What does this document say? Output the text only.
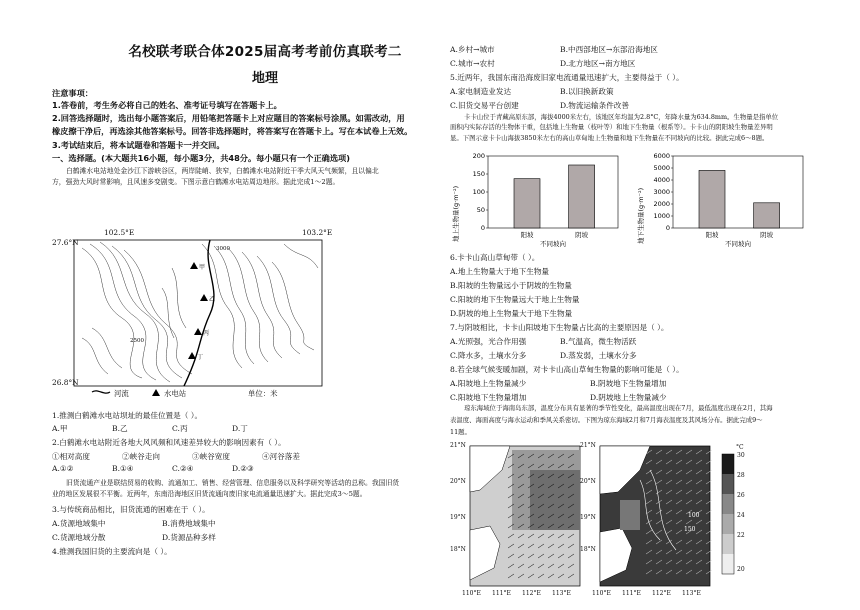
名校联考联合体2025届高考考前仿真联考二
地理
注意事项：
1.答卷前，考生务必将自己的姓名、准考证号填写在答题卡上。
2.回答选择题时，选出每小题答案后，用铅笔把答题卡上对应题目的答案标号涂黑。如需改动，用
橡皮擦干净后，再选涂其他答案标号。回答非选择题时，将答案写在答题卡上。写在本试卷上无效。
3.考试结束后，将本试题卷和答题卡一并交回。
一、选择题。(本大题共16小题，每小题3分，共48分。每小题只有一个正确选项)
白鹤滩水电站地处金沙江下游峡谷区，两岸陡峭、狭窄，白鹤滩水电站附近干季大风天气频繁，且以偏北
方，强劲大风时常影响，且风速多变剧变。下图示意白鹤滩水电站周边地形。据此完成1～2题。
102.5°E	103.2°E
27.6°N
26.8°N
河流	水电站	单位：米
3000
2500
甲
乙
丙
丁
1.推测白鹤滩水电站坝址的最佳位置是（ ）。
A.甲	B.乙	C.丙	D.丁
2.白鹤滩水电站附近各地大风风频和风速差异较大的影响因素有（ ）。
①相对高度	②峡谷走向	③峡谷宽度	④河谷落差
A.①②	B.①④	C.②④	D.②③
旧货流通产业是联结贸易的收购、流通加工、销售、经营管理、信息服务以及科学研究等活动的总称。我国旧货
业的地区发展很不平衡。近两年，东南沿海地区旧货流通向废旧家电流通量迅速扩大。据此完成3～5题。
3.与传统商品相比，旧货流通的困难在于（ ）。
A.货源地域集中	B.消费地域集中
C.货源地域分散	D.货源品种多样
4.推测我国旧货的主要流向是（ ）。
A.乡村→城市	B.中西部地区→东部沿海地区
C.城市→农村	D.北方地区→南方地区
5.近两年，我国东南沿海废旧家电流通量迅速扩大，主要得益于（ ）。
A.家电制造业发达	B.以旧换新政策
C.旧货交易平台创建	D.物流运输条件改善
卡卡山位于青藏高原东部，海拔4000米左右，该地区年均温为2.8°C，年降水量为634.8mm。生物量是指单位
面积内实际存活的生物体干重，包括地上生物量（枝叶等）和地下生物量（根系等）。卡卡山的阴阳坡生物量差异明
显。下图示意卡卡山海拔3850米左右的高山草甸地上生物量和地下生物量在不同坡向的比较。据此完成6～8题。
地上生物量(g·m⁻²)
200
150
100
50
0
阳坡	阴坡
不同坡向	地下生物量(g·m⁻²)
6000
5000
4000
3000
2000
1000
0
阳坡	阴坡
不同坡向
6.卡卡山高山草甸带（ ）。
A.地上生物量大于地下生物量
B.阳坡的生物量远小于阴坡的生物量
C.阳坡的地下生物量远大于地上生物量
D.阴坡的地上生物量大于地下生物量
7.与阴坡相比，卡卡山阳坡地下生物量占比高的主要原因是（ ）。
A.光照强，光合作用强	B.气温高，微生物活跃
C.降水多，土壤水分多	D.蒸发弱，土壤水分多
8.若全球气候变暖加剧，对卡卡山高山草甸生物量的影响可能是（ ）。
A.阳坡地上生物量减少	B.阴坡地下生物量增加
C.阳坡地下生物量增加	D.阴坡地上生物量减少
琼东海域位于海南岛东部，温度分布具有显著的季节性变化，最高温度出现在7月，最低温度出现在2月，其海
表温度、海面高度与海水运动和季风关系密切。下图为琼东海域2月和7月海表温度及其风场分布。据此完成9～
11题。
21°N
20°N
19°N
18°N
21°N
20°N
19°N
18°N
110°E 111°E 112°E 113°E	110°E 111°E 112°E 113°E
100
150
°C
30
28
26
24
22
20
